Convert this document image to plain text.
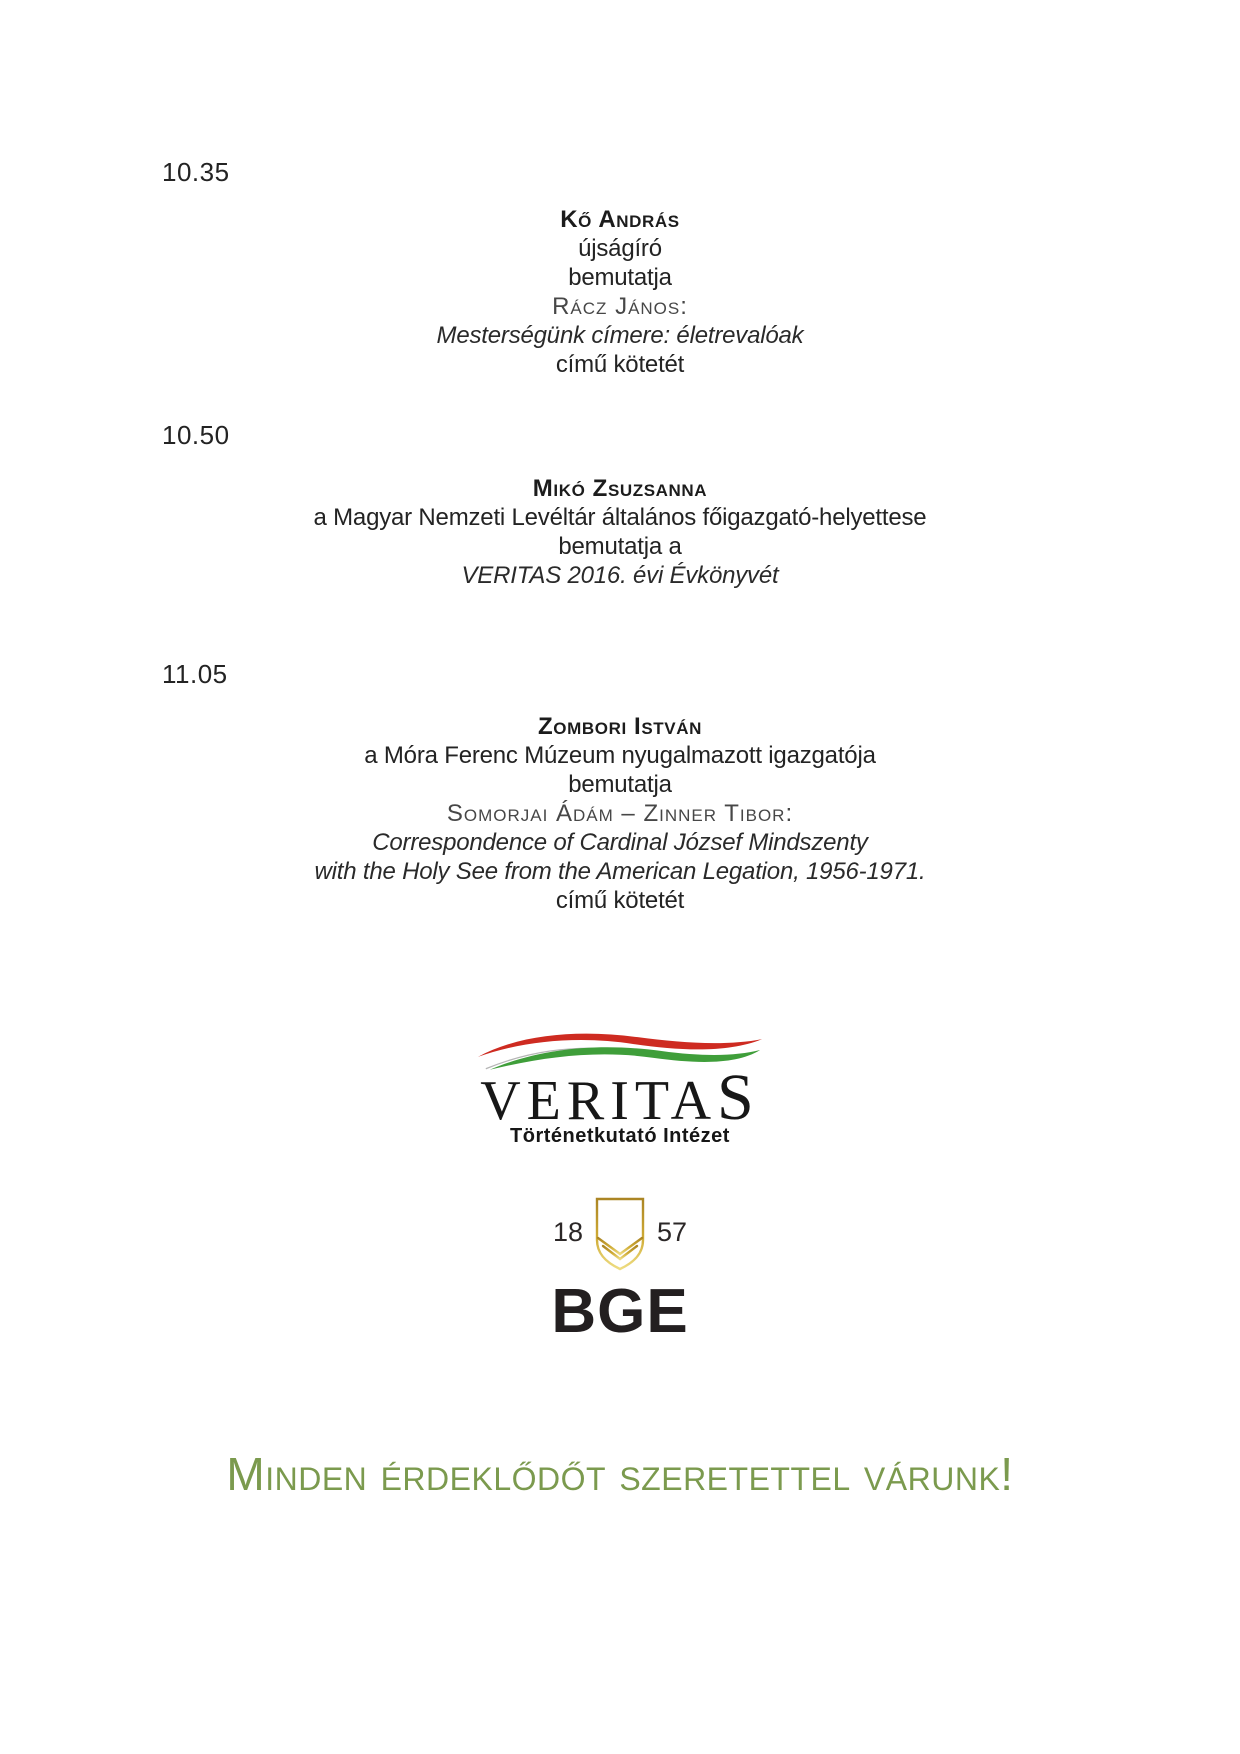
10.35
Kő András
újságíró
bemutatja
Rácz János:
Mesterségünk címere: életrevalóak
című kötetét
10.50
Mikó Zsuzsanna
a Magyar Nemzeti Levéltár általános főigazgató-helyettese
bemutatja a
VERITAS 2016. évi Évkönyvét
11.05
Zombori István
a Móra Ferenc Múzeum nyugalmazott igazgatója
bemutatja
Somorjai Ádám – Zinner Tibor:
Correspondence of Cardinal József Mindszenty
with the Holy See from the American Legation, 1956-1971.
című kötetét
VERITAS
Történetkutató Intézet
18	57
BGE
Minden érdeklődőt szeretettel várunk!
